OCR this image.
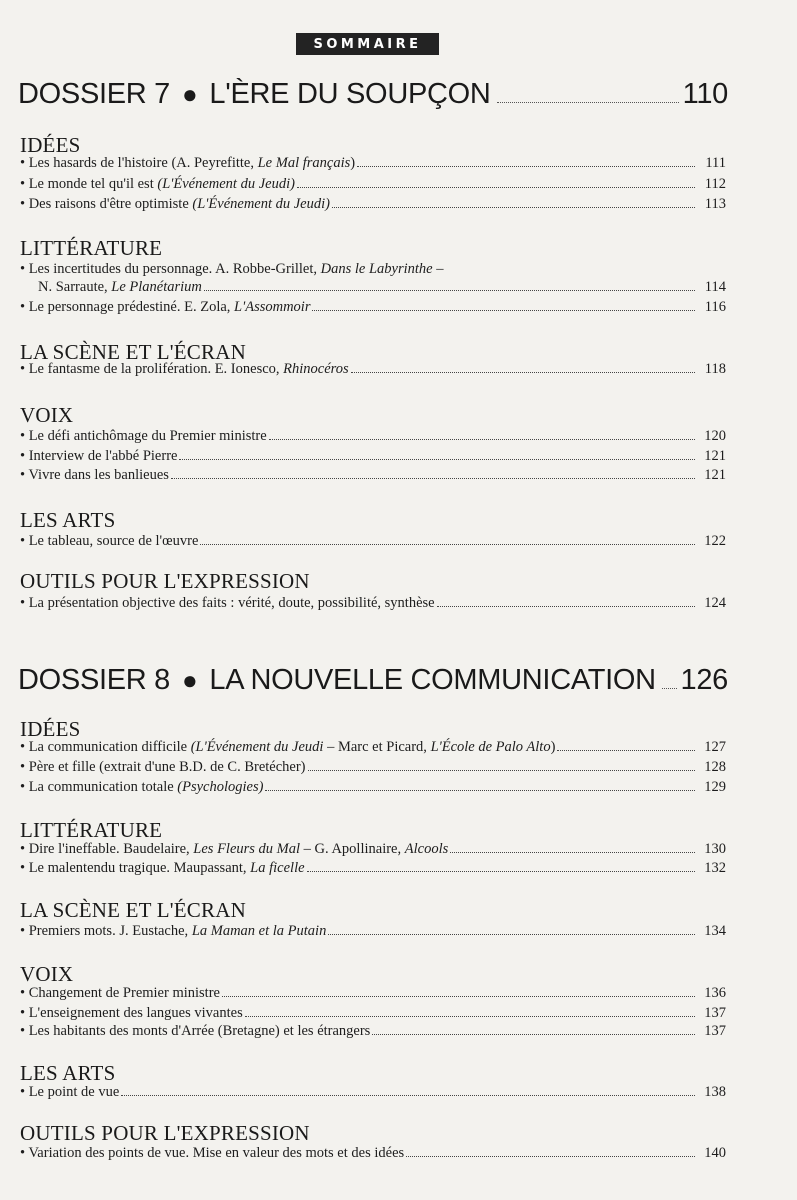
SOMMAIRE
DOSSIER 7 ● L'ÈRE DU SOUPÇON	110
IDÉES
• Les hasards de l'histoire (A. Peyrefitte, Le Mal français)	111
• Le monde tel qu'il est (L'Événement du Jeudi)	112
• Des raisons d'être optimiste (L'Événement du Jeudi)	113
LITTÉRATURE
• Les incertitudes du personnage. A. Robbe-Grillet, Dans le Labyrinthe –
N. Sarraute, Le Planétarium	114
• Le personnage prédestiné. E. Zola, L'Assommoir	116
LA SCÈNE ET L'ÉCRAN
• Le fantasme de la prolifération. E. Ionesco, Rhinocéros	118
VOIX
• Le défi antichômage du Premier ministre	120
• Interview de l'abbé Pierre	121
• Vivre dans les banlieues	121
LES ARTS
• Le tableau, source de l'œuvre	122
OUTILS POUR L'EXPRESSION
• La présentation objective des faits : vérité, doute, possibilité, synthèse	124
DOSSIER 8 ● LA NOUVELLE COMMUNICATION 126
IDÉES
• La communication difficile (L'Événement du Jeudi – Marc et Picard, L'École de Palo Alto)	127
• Père et fille (extrait d'une B.D. de C. Bretécher)	128
• La communication totale (Psychologies)	129
LITTÉRATURE
• Dire l'ineffable. Baudelaire, Les Fleurs du Mal – G. Apollinaire, Alcools	130
• Le malentendu tragique. Maupassant, La ficelle	132
LA SCÈNE ET L'ÉCRAN
• Premiers mots. J. Eustache, La Maman et la Putain	134
VOIX
• Changement de Premier ministre	136
• L'enseignement des langues vivantes	137
• Les habitants des monts d'Arrée (Bretagne) et les étrangers	137
LES ARTS
• Le point de vue	138
OUTILS POUR L'EXPRESSION
• Variation des points de vue. Mise en valeur des mots et des idées	140
